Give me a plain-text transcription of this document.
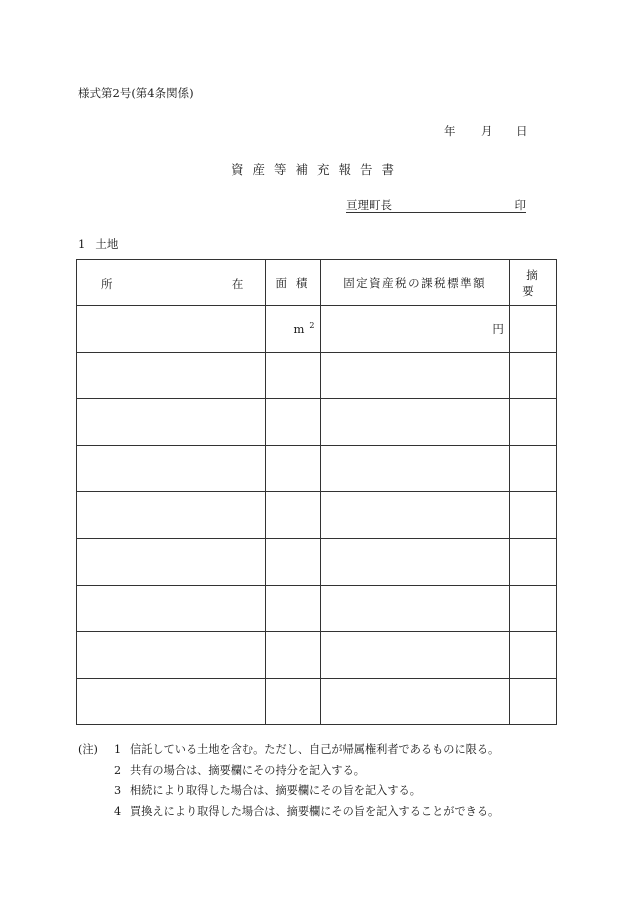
様式第2号(第4条関係)
年 月 日
資産等補充報告書
亘理町長	印
1 土地
所 在	面積	固定資産税の課税標準額	摘要
	m $^2$	円	

(注)	1 信託している土地を含む。ただし、自己が帰属権利者であるものに限る。
2 共有の場合は、摘要欄にその持分を記入する。
3 相続により取得した場合は、摘要欄にその旨を記入する。
4 買換えにより取得した場合は、摘要欄にその旨を記入することができる。
